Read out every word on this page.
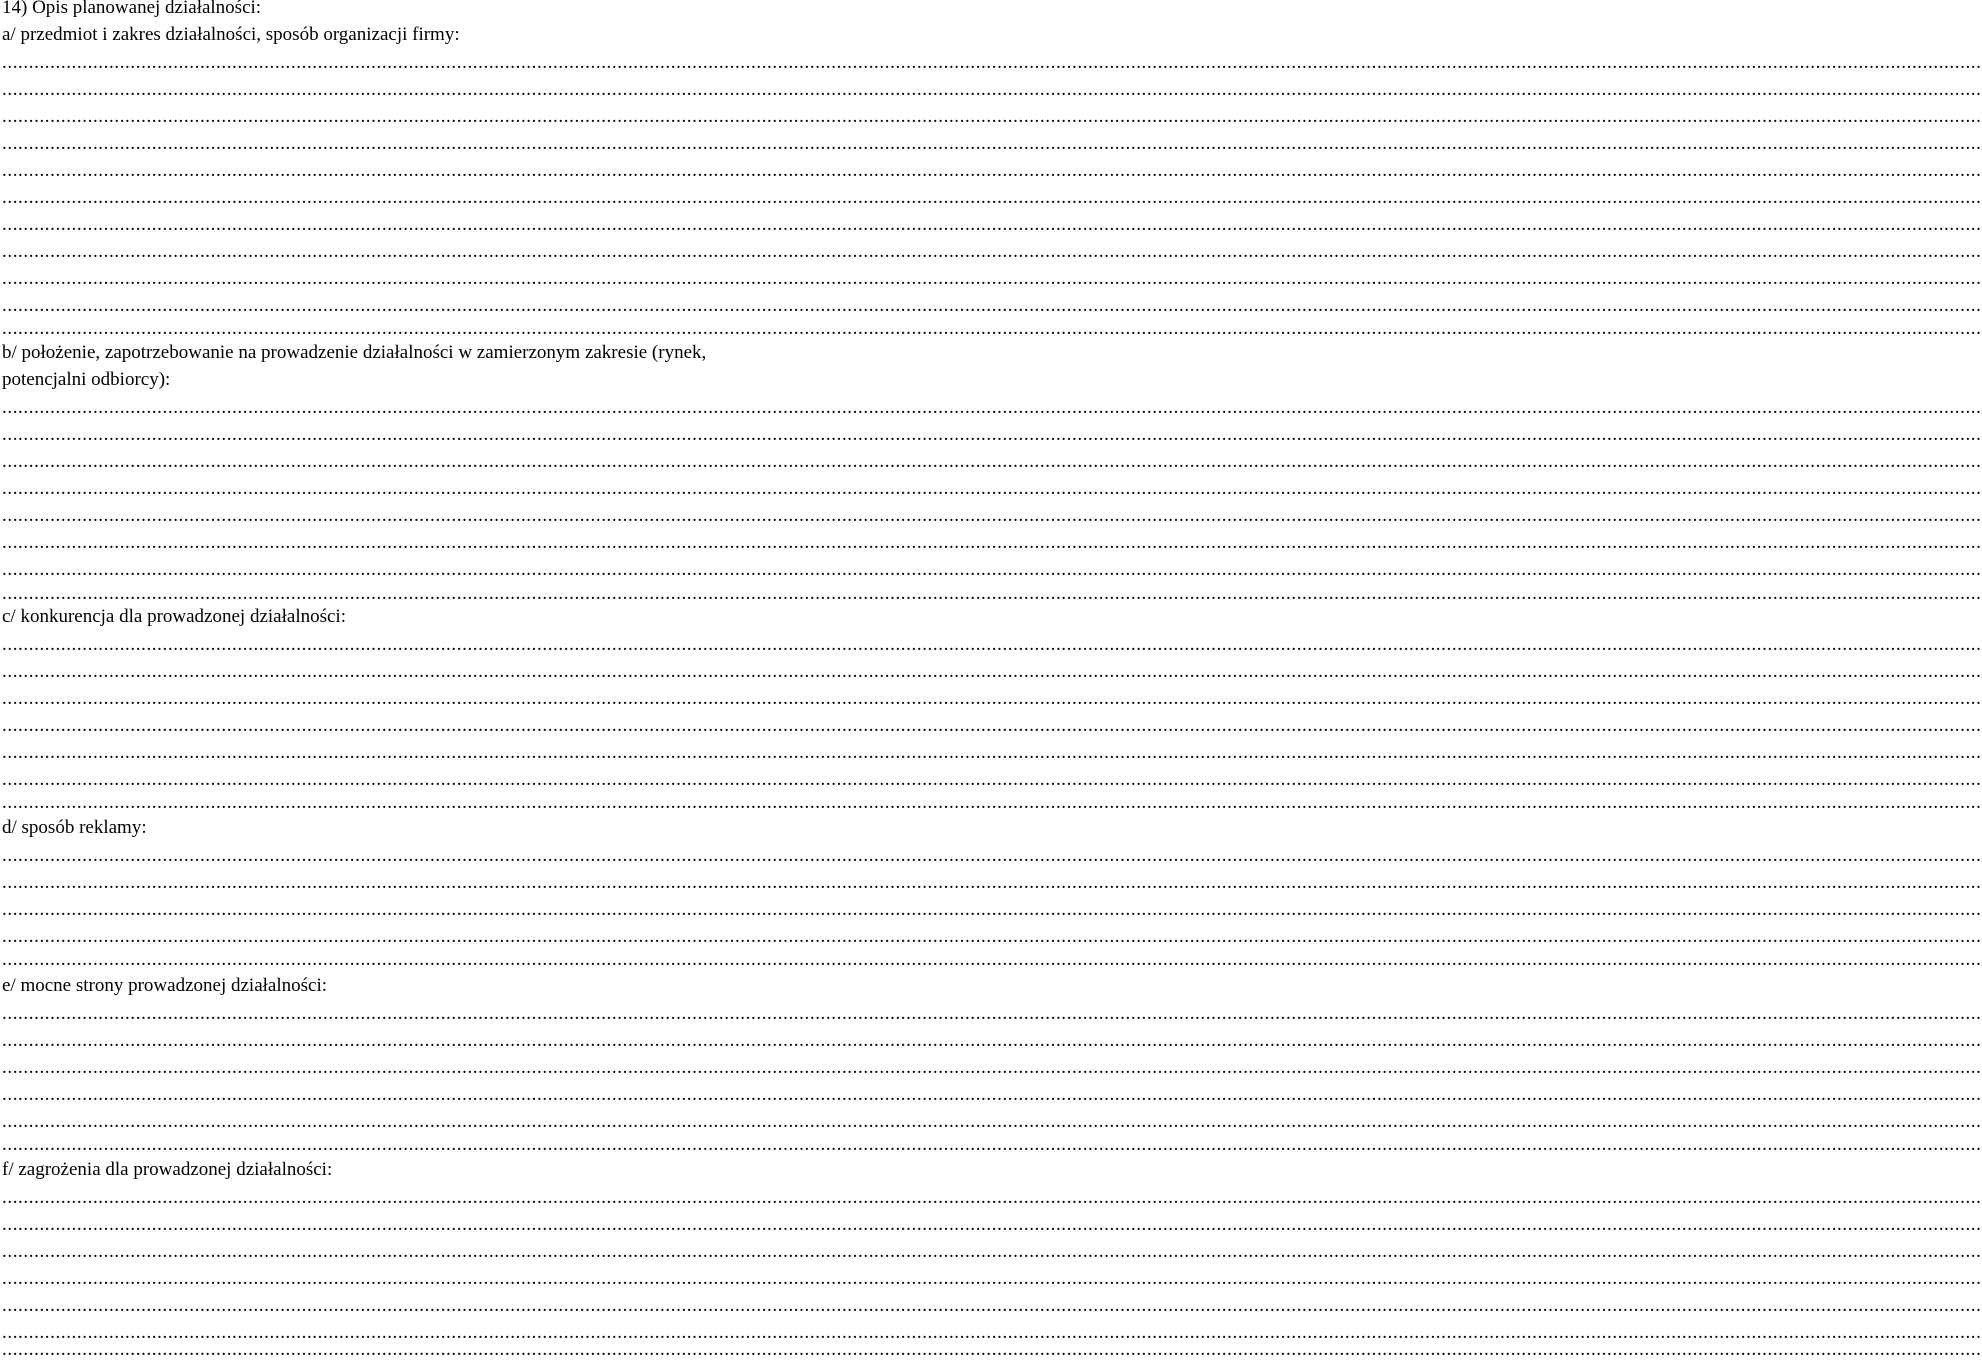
14) Opis planowanej działalności:
a/ przedmiot i zakres działalności, sposób organizacji firmy:
..................................................................................................................................................................................................................................................................................................................................................................................
..................................................................................................................................................................................................................................................................................................................................................................................
..................................................................................................................................................................................................................................................................................................................................................................................
..................................................................................................................................................................................................................................................................................................................................................................................
..................................................................................................................................................................................................................................................................................................................................................................................
..................................................................................................................................................................................................................................................................................................................................................................................
..................................................................................................................................................................................................................................................................................................................................................................................
..................................................................................................................................................................................................................................................................................................................................................................................
..................................................................................................................................................................................................................................................................................................................................................................................
..................................................................................................................................................................................................................................................................................................................................................................................
..................................................................................................................................................................................................................................................................................................................................................................................
b/ położenie, zapotrzebowanie na prowadzenie działalności w zamierzonym zakresie (rynek,
potencjalni odbiorcy):
..................................................................................................................................................................................................................................................................................................................................................................................
..................................................................................................................................................................................................................................................................................................................................................................................
..................................................................................................................................................................................................................................................................................................................................................................................
..................................................................................................................................................................................................................................................................................................................................................................................
..................................................................................................................................................................................................................................................................................................................................................................................
..................................................................................................................................................................................................................................................................................................................................................................................
..................................................................................................................................................................................................................................................................................................................................................................................
..................................................................................................................................................................................................................................................................................................................................................................................
c/ konkurencja dla prowadzonej działalności:
..................................................................................................................................................................................................................................................................................................................................................................................
..................................................................................................................................................................................................................................................................................................................................................................................
..................................................................................................................................................................................................................................................................................................................................................................................
..................................................................................................................................................................................................................................................................................................................................................................................
..................................................................................................................................................................................................................................................................................................................................................................................
..................................................................................................................................................................................................................................................................................................................................................................................
..................................................................................................................................................................................................................................................................................................................................................................................
d/ sposób reklamy:
..................................................................................................................................................................................................................................................................................................................................................................................
..................................................................................................................................................................................................................................................................................................................................................................................
..................................................................................................................................................................................................................................................................................................................................................................................
..................................................................................................................................................................................................................................................................................................................................................................................
..................................................................................................................................................................................................................................................................................................................................................................................
e/ mocne strony prowadzonej działalności:
..................................................................................................................................................................................................................................................................................................................................................................................
..................................................................................................................................................................................................................................................................................................................................................................................
..................................................................................................................................................................................................................................................................................................................................................................................
..................................................................................................................................................................................................................................................................................................................................................................................
..................................................................................................................................................................................................................................................................................................................................................................................
..................................................................................................................................................................................................................................................................................................................................................................................
f/ zagrożenia dla prowadzonej działalności:
..................................................................................................................................................................................................................................................................................................................................................................................
..................................................................................................................................................................................................................................................................................................................................................................................
..................................................................................................................................................................................................................................................................................................................................................................................
..................................................................................................................................................................................................................................................................................................................................................................................
..................................................................................................................................................................................................................................................................................................................................................................................
..................................................................................................................................................................................................................................................................................................................................................................................
..................................................................................................................................................................................................................................................................................................................................................................................
